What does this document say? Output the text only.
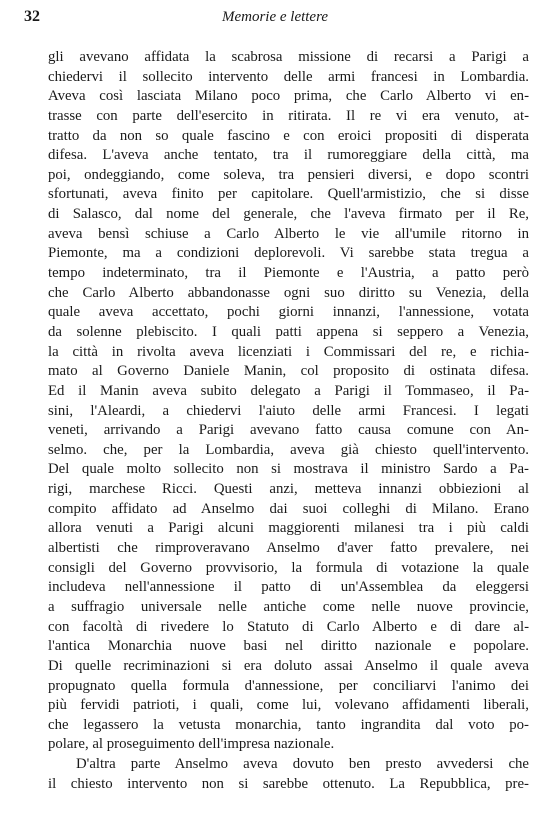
32	Memorie e lettere
gli avevano affidata la scabrosa missione di recarsi a Parigi a
chiedervi il sollecito intervento delle armi francesi in Lombardia.
Aveva così lasciata Milano poco prima, che Carlo Alberto vi en-
trasse con parte dell'esercito in ritirata. Il re vi era venuto, at-
tratto da non so quale fascino e con eroici propositi di disperata
difesa. L'aveva anche tentato, tra il rumoreggiare della città, ma
poi, ondeggiando, come soleva, tra pensieri diversi, e dopo scontri
sfortunati, aveva finito per capitolare. Quell'armistizio, che si disse
di Salasco, dal nome del generale, che l'aveva firmato per il Re,
aveva bensì schiuse a Carlo Alberto le vie all'umile ritorno in
Piemonte, ma a condizioni deplorevoli. Vi sarebbe stata tregua a
tempo indeterminato, tra il Piemonte e l'Austria, a patto però
che Carlo Alberto abbandonasse ogni suo diritto su Venezia, della
quale aveva accettato, pochi giorni innanzi, l'annessione, votata
da solenne plebiscito. I quali patti appena si seppero a Venezia,
la città in rivolta aveva licenziati i Commissari del re, e richia-
mato al Governo Daniele Manin, col proposito di ostinata difesa.
Ed il Manin aveva subito delegato a Parigi il Tommaseo, il Pa-
sini, l'Aleardi, a chiedervi l'aiuto delle armi Francesi. I legati
veneti, arrivando a Parigi avevano fatto causa comune con An-
selmo. che, per la Lombardia, aveva già chiesto quell'intervento.
Del quale molto sollecito non si mostrava il ministro Sardo a Pa-
rigi, marchese Ricci. Questi anzi, metteva innanzi obbiezioni al
compito affidato ad Anselmo dai suoi colleghi di Milano. Erano
allora venuti a Parigi alcuni maggiorenti milanesi tra i più caldi
albertisti che rimproveravano Anselmo d'aver fatto prevalere, nei
consigli del Governo provvisorio, la formula di votazione la quale
includeva nell'annessione il patto di un'Assemblea da eleggersi
a suffragio universale nelle antiche come nelle nuove provincie,
con facoltà di rivedere lo Statuto di Carlo Alberto e di dare al-
l'antica Monarchia nuove basi nel diritto nazionale e popolare.
Di quelle recriminazioni si era doluto assai Anselmo il quale aveva
propugnato quella formula d'annessione, per conciliarvi l'animo dei
più fervidi patrioti, i quali, come lui, volevano affidamenti liberali,
che legassero la vetusta monarchia, tanto ingrandita dal voto po-
polare, al proseguimento dell'impresa nazionale.
D'altra parte Anselmo aveva dovuto ben presto avvedersi che
il chiesto intervento non si sarebbe ottenuto. La Repubblica, pre-
